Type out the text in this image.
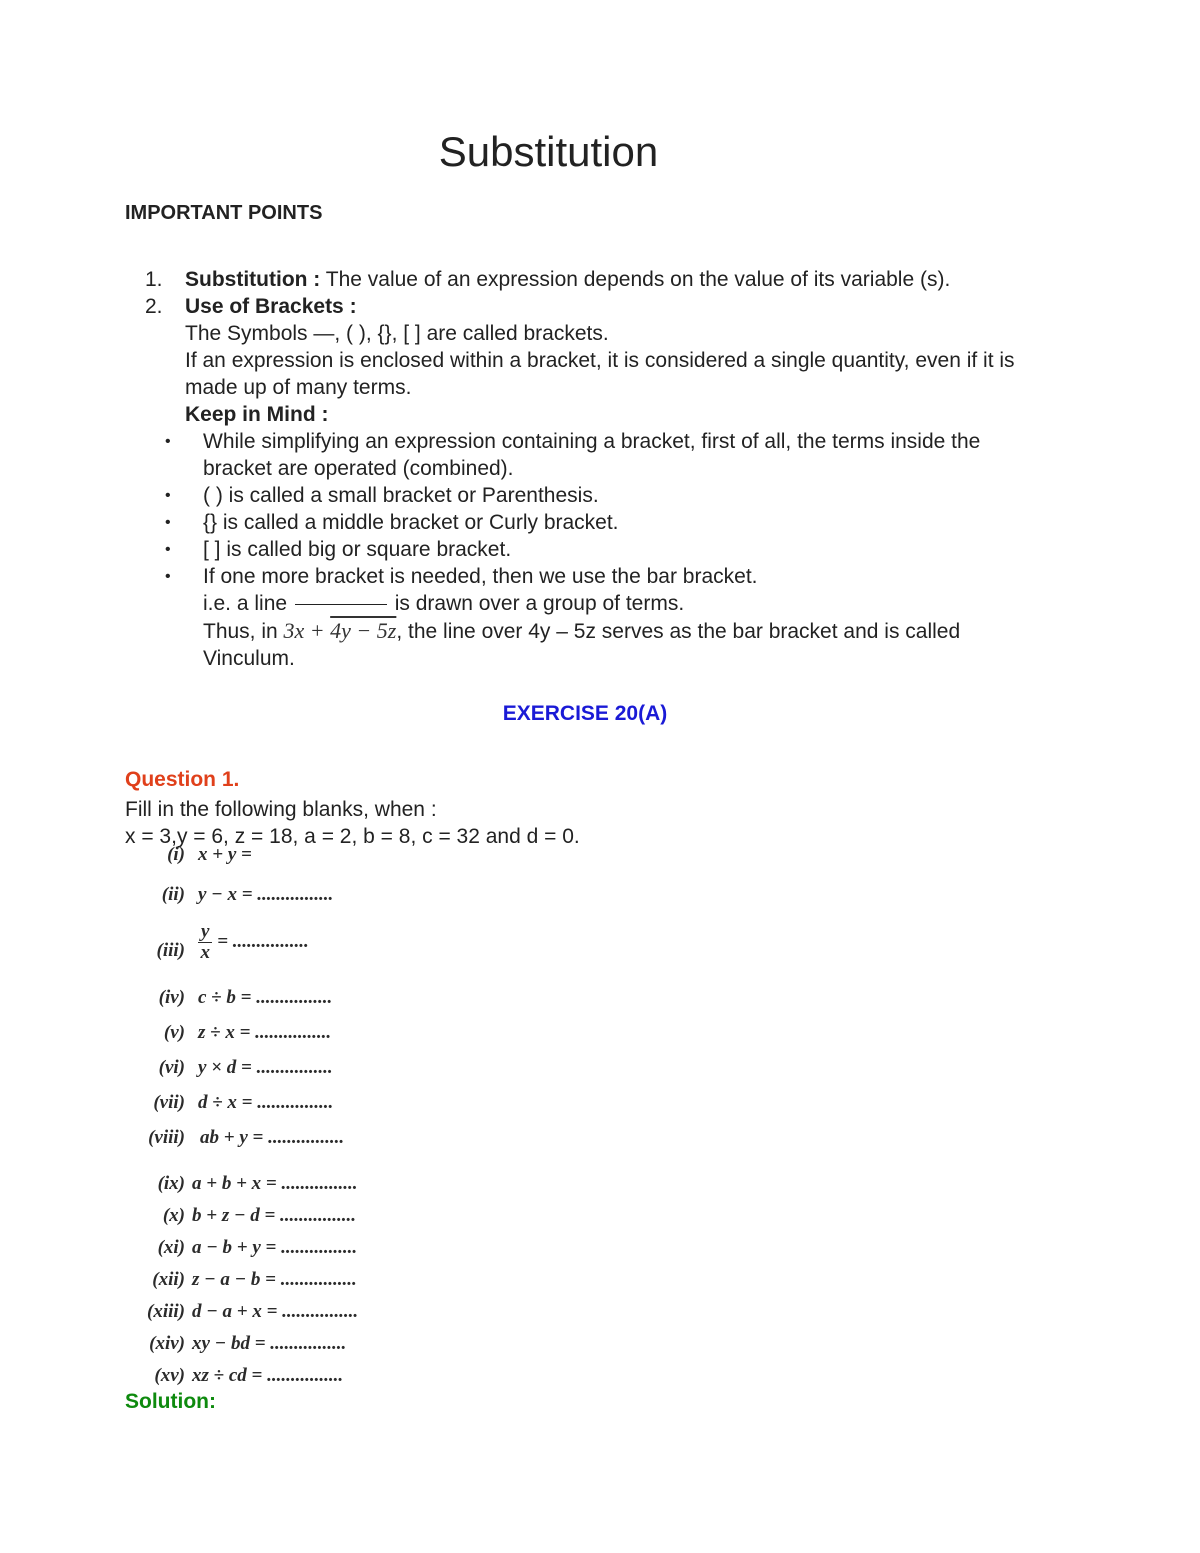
Substitution
IMPORTANT POINTS
1. Substitution : The value of an expression depends on the value of its variable (s).
2. Use of Brackets :
The Symbols —, ( ), {}, [ ] are called brackets.
If an expression is enclosed within a bracket, it is considered a single quantity, even if it is made up of many terms.
Keep in Mind :
• While simplifying an expression containing a bracket, first of all, the terms inside the bracket are operated (combined).
• ( ) is called a small bracket or Parenthesis.
• {} is called a middle bracket or Curly bracket.
• [ ] is called big or square bracket.
• If one more bracket is needed, then we use the bar bracket.
i.e. a line	is drawn over a group of terms.
Thus, in 3x + 4y − 5z, the line over 4y – 5z serves as the bar bracket and is called Vinculum.
EXERCISE 20(A)
Question 1.
Fill in the following blanks, when :
x = 3,y = 6, z = 18, a = 2, b = 8, c = 32 and d = 0.
(i) x + y =
(ii) y − x = ................
$(iii) \frac{y}{x}$ = ................
(iv) c ÷ b = ................
(v) z ÷ x = ................
(vi) y × d = ................
(vii) d ÷ x = ................
(viii) ab + y = ................
(ix) a + b + x = ................
(x) b + z − d = ................
(xi) a − b + y = ................
(xii) z − a − b = ................
(xiii) d − a + x = ................
(xiv) xy − bd = ................
(xv) xz ÷ cd = ................
Solution:
